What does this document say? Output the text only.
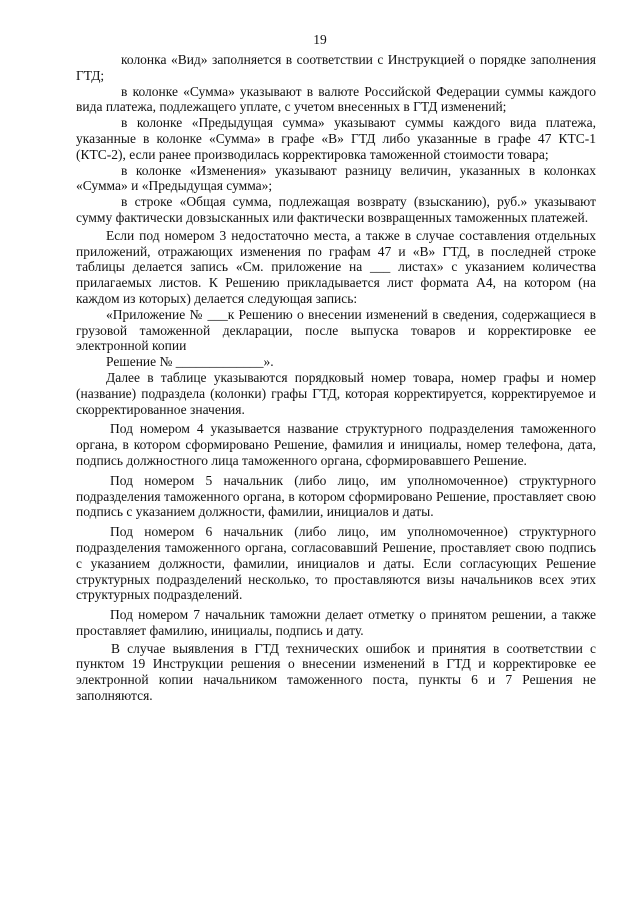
19

колонка «Вид» заполняется в соответствии с Инструкцией о порядке заполнения ГТД;

в колонке «Сумма» указывают в валюте Российской Федерации суммы каждого вида платежа, подлежащего уплате, с учетом внесенных в ГТД изменений;

в колонке «Предыдущая сумма» указывают суммы каждого вида платежа, указанные в колонке «Сумма» в графе «В» ГТД либо указанные в графе 47 КТС-1 (КТС-2), если ранее производилась корректировка таможенной стоимости товара;

в колонке «Изменения» указывают разницу величин, указанных в колонках «Сумма» и «Предыдущая сумма»;

в строке «Общая сумма, подлежащая возврату (взысканию), руб.» указывают сумму фактически довзысканных или фактически возвращенных таможенных платежей.

Если под номером 3 недостаточно места, а также в случае составления отдельных приложений, отражающих изменения по графам 47 и «В» ГТД, в последней строке таблицы делается запись «См. приложение на ___ листах» с указанием количества прилагаемых листов. К Решению прикладывается лист формата А4, на котором (на каждом из которых) делается следующая запись:

«Приложение № ___к Решению о внесении изменений в сведения, содержащиеся в грузовой таможенной декларации, после выпуска товаров и корректировке ее электронной копии

Решение № _____________».

Далее в таблице указываются порядковый номер товара, номер графы и номер (название) подраздела (колонки) графы ГТД, которая корректируется, корректируемое и скорректированное значения.

Под номером 4 указывается название структурного подразделения таможенного органа, в котором сформировано Решение, фамилия и инициалы, номер телефона, дата, подпись должностного лица таможенного органа, сформировавшего Решение.

Под номером 5 начальник (либо лицо, им уполномоченное) структурного подразделения таможенного органа, в котором сформировано Решение, проставляет свою подпись с указанием должности, фамилии, инициалов и даты.

Под номером 6 начальник (либо лицо, им уполномоченное) структурного подразделения таможенного органа, согласовавший Решение, проставляет свою подпись с указанием должности, фамилии, инициалов и даты. Если согласующих Решение структурных подразделений несколько, то проставляются визы начальников всех этих структурных подразделений.

Под номером 7 начальник таможни делает отметку о принятом решении, а также проставляет фамилию, инициалы, подпись и дату.

В случае выявления в ГТД технических ошибок и принятия в соответствии с пунктом 19 Инструкции решения о внесении изменений в ГТД и корректировке ее электронной копии начальником таможенного поста, пункты 6 и 7 Решения не заполняются.
